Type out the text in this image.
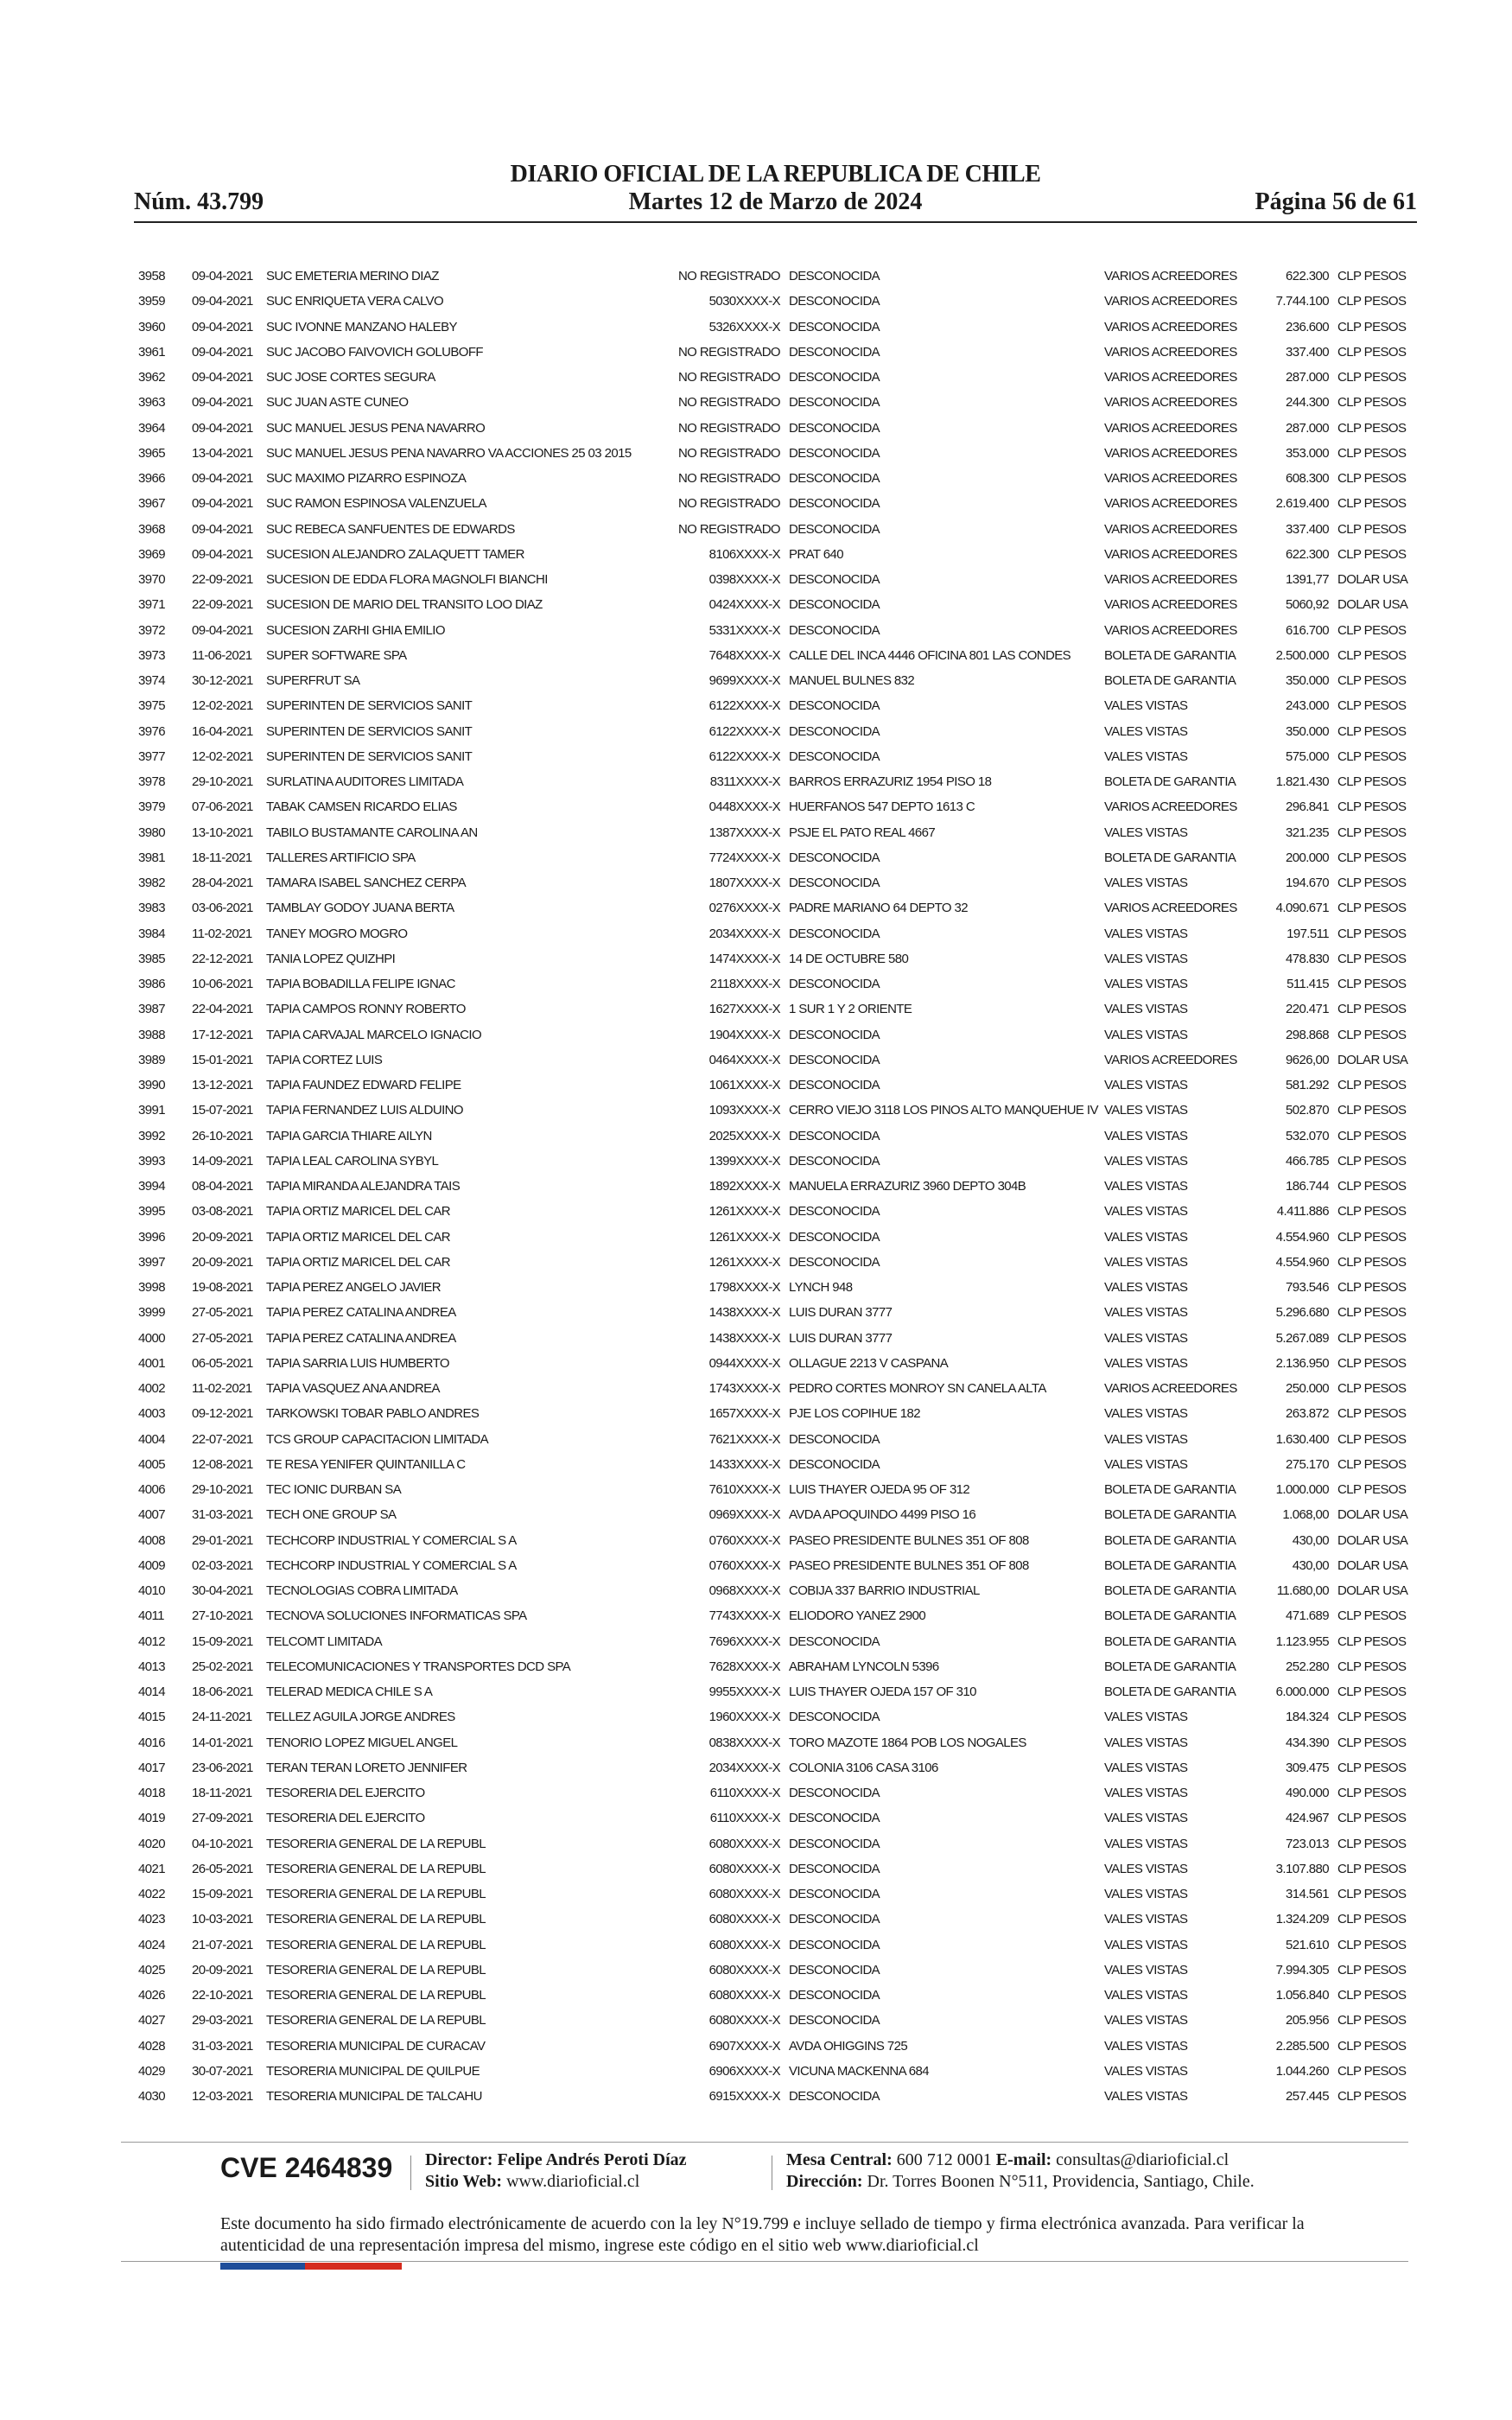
DIARIO OFICIAL DE LA REPUBLICA DE CHILE
Núm. 43.799	Martes 12 de Marzo de 2024	Página 56 de 61
3958	09-04-2021	SUC EMETERIA MERINO DIAZ	NO REGISTRADO	DESCONOCIDA	VARIOS ACREEDORES	622.300	CLP PESOS
3959	09-04-2021	SUC ENRIQUETA VERA CALVO	5030XXXX-X	DESCONOCIDA	VARIOS ACREEDORES	7.744.100	CLP PESOS
3960	09-04-2021	SUC IVONNE MANZANO HALEBY	5326XXXX-X	DESCONOCIDA	VARIOS ACREEDORES	236.600	CLP PESOS
3961	09-04-2021	SUC JACOBO FAIVOVICH GOLUBOFF	NO REGISTRADO	DESCONOCIDA	VARIOS ACREEDORES	337.400	CLP PESOS
3962	09-04-2021	SUC JOSE CORTES SEGURA	NO REGISTRADO	DESCONOCIDA	VARIOS ACREEDORES	287.000	CLP PESOS
3963	09-04-2021	SUC JUAN ASTE CUNEO	NO REGISTRADO	DESCONOCIDA	VARIOS ACREEDORES	244.300	CLP PESOS
3964	09-04-2021	SUC MANUEL JESUS PENA NAVARRO	NO REGISTRADO	DESCONOCIDA	VARIOS ACREEDORES	287.000	CLP PESOS
3965	13-04-2021	SUC MANUEL JESUS PENA NAVARRO VA ACCIONES 25 03 2015	NO REGISTRADO	DESCONOCIDA	VARIOS ACREEDORES	353.000	CLP PESOS
3966	09-04-2021	SUC MAXIMO PIZARRO ESPINOZA	NO REGISTRADO	DESCONOCIDA	VARIOS ACREEDORES	608.300	CLP PESOS
3967	09-04-2021	SUC RAMON ESPINOSA VALENZUELA	NO REGISTRADO	DESCONOCIDA	VARIOS ACREEDORES	2.619.400	CLP PESOS
3968	09-04-2021	SUC REBECA SANFUENTES DE EDWARDS	NO REGISTRADO	DESCONOCIDA	VARIOS ACREEDORES	337.400	CLP PESOS
3969	09-04-2021	SUCESION ALEJANDRO ZALAQUETT TAMER	8106XXXX-X	PRAT 640	VARIOS ACREEDORES	622.300	CLP PESOS
3970	22-09-2021	SUCESION DE EDDA FLORA MAGNOLFI BIANCHI	0398XXXX-X	DESCONOCIDA	VARIOS ACREEDORES	1391,77	DOLAR USA
3971	22-09-2021	SUCESION DE MARIO DEL TRANSITO LOO DIAZ	0424XXXX-X	DESCONOCIDA	VARIOS ACREEDORES	5060,92	DOLAR USA
3972	09-04-2021	SUCESION ZARHI GHIA EMILIO	5331XXXX-X	DESCONOCIDA	VARIOS ACREEDORES	616.700	CLP PESOS
3973	11-06-2021	SUPER SOFTWARE SPA	7648XXXX-X	CALLE DEL INCA 4446 OFICINA 801 LAS CONDES	BOLETA DE GARANTIA	2.500.000	CLP PESOS
3974	30-12-2021	SUPERFRUT SA	9699XXXX-X	MANUEL BULNES 832	BOLETA DE GARANTIA	350.000	CLP PESOS
3975	12-02-2021	SUPERINTEN DE SERVICIOS SANIT	6122XXXX-X	DESCONOCIDA	VALES VISTAS	243.000	CLP PESOS
3976	16-04-2021	SUPERINTEN DE SERVICIOS SANIT	6122XXXX-X	DESCONOCIDA	VALES VISTAS	350.000	CLP PESOS
3977	12-02-2021	SUPERINTEN DE SERVICIOS SANIT	6122XXXX-X	DESCONOCIDA	VALES VISTAS	575.000	CLP PESOS
3978	29-10-2021	SURLATINA AUDITORES LIMITADA	8311XXXX-X	BARROS ERRAZURIZ 1954 PISO 18	BOLETA DE GARANTIA	1.821.430	CLP PESOS
3979	07-06-2021	TABAK CAMSEN RICARDO ELIAS	0448XXXX-X	HUERFANOS 547 DEPTO 1613 C	VARIOS ACREEDORES	296.841	CLP PESOS
3980	13-10-2021	TABILO BUSTAMANTE CAROLINA AN	1387XXXX-X	PSJE EL PATO REAL 4667	VALES VISTAS	321.235	CLP PESOS
3981	18-11-2021	TALLERES ARTIFICIO SPA	7724XXXX-X	DESCONOCIDA	BOLETA DE GARANTIA	200.000	CLP PESOS
3982	28-04-2021	TAMARA ISABEL SANCHEZ CERPA	1807XXXX-X	DESCONOCIDA	VALES VISTAS	194.670	CLP PESOS
3983	03-06-2021	TAMBLAY GODOY JUANA BERTA	0276XXXX-X	PADRE MARIANO 64 DEPTO 32	VARIOS ACREEDORES	4.090.671	CLP PESOS
3984	11-02-2021	TANEY MOGRO MOGRO	2034XXXX-X	DESCONOCIDA	VALES VISTAS	197.511	CLP PESOS
3985	22-12-2021	TANIA LOPEZ QUIZHPI	1474XXXX-X	14 DE OCTUBRE 580	VALES VISTAS	478.830	CLP PESOS
3986	10-06-2021	TAPIA BOBADILLA FELIPE IGNAC	2118XXXX-X	DESCONOCIDA	VALES VISTAS	511.415	CLP PESOS
3987	22-04-2021	TAPIA CAMPOS RONNY ROBERTO	1627XXXX-X	1 SUR 1 Y 2 ORIENTE	VALES VISTAS	220.471	CLP PESOS
3988	17-12-2021	TAPIA CARVAJAL MARCELO IGNACIO	1904XXXX-X	DESCONOCIDA	VALES VISTAS	298.868	CLP PESOS
3989	15-01-2021	TAPIA CORTEZ LUIS	0464XXXX-X	DESCONOCIDA	VARIOS ACREEDORES	9626,00	DOLAR USA
3990	13-12-2021	TAPIA FAUNDEZ EDWARD FELIPE	1061XXXX-X	DESCONOCIDA	VALES VISTAS	581.292	CLP PESOS
3991	15-07-2021	TAPIA FERNANDEZ LUIS ALDUINO	1093XXXX-X	CERRO VIEJO 3118 LOS PINOS ALTO MANQUEHUE IV	VALES VISTAS	502.870	CLP PESOS
3992	26-10-2021	TAPIA GARCIA THIARE AILYN	2025XXXX-X	DESCONOCIDA	VALES VISTAS	532.070	CLP PESOS
3993	14-09-2021	TAPIA LEAL CAROLINA SYBYL	1399XXXX-X	DESCONOCIDA	VALES VISTAS	466.785	CLP PESOS
3994	08-04-2021	TAPIA MIRANDA ALEJANDRA TAIS	1892XXXX-X	MANUELA ERRAZURIZ 3960 DEPTO 304B	VALES VISTAS	186.744	CLP PESOS
3995	03-08-2021	TAPIA ORTIZ MARICEL DEL CAR	1261XXXX-X	DESCONOCIDA	VALES VISTAS	4.411.886	CLP PESOS
3996	20-09-2021	TAPIA ORTIZ MARICEL DEL CAR	1261XXXX-X	DESCONOCIDA	VALES VISTAS	4.554.960	CLP PESOS
3997	20-09-2021	TAPIA ORTIZ MARICEL DEL CAR	1261XXXX-X	DESCONOCIDA	VALES VISTAS	4.554.960	CLP PESOS
3998	19-08-2021	TAPIA PEREZ ANGELO JAVIER	1798XXXX-X	LYNCH 948	VALES VISTAS	793.546	CLP PESOS
3999	27-05-2021	TAPIA PEREZ CATALINA ANDREA	1438XXXX-X	LUIS DURAN 3777	VALES VISTAS	5.296.680	CLP PESOS
4000	27-05-2021	TAPIA PEREZ CATALINA ANDREA	1438XXXX-X	LUIS DURAN 3777	VALES VISTAS	5.267.089	CLP PESOS
4001	06-05-2021	TAPIA SARRIA LUIS HUMBERTO	0944XXXX-X	OLLAGUE 2213 V CASPANA	VALES VISTAS	2.136.950	CLP PESOS
4002	11-02-2021	TAPIA VASQUEZ ANA ANDREA	1743XXXX-X	PEDRO CORTES MONROY SN CANELA ALTA	VARIOS ACREEDORES	250.000	CLP PESOS
4003	09-12-2021	TARKOWSKI TOBAR PABLO ANDRES	1657XXXX-X	PJE LOS COPIHUE 182	VALES VISTAS	263.872	CLP PESOS
4004	22-07-2021	TCS GROUP CAPACITACION LIMITADA	7621XXXX-X	DESCONOCIDA	VALES VISTAS	1.630.400	CLP PESOS
4005	12-08-2021	TE RESA YENIFER QUINTANILLA C	1433XXXX-X	DESCONOCIDA	VALES VISTAS	275.170	CLP PESOS
4006	29-10-2021	TEC IONIC DURBAN SA	7610XXXX-X	LUIS THAYER OJEDA 95 OF 312	BOLETA DE GARANTIA	1.000.000	CLP PESOS
4007	31-03-2021	TECH ONE GROUP SA	0969XXXX-X	AVDA APOQUINDO 4499 PISO 16	BOLETA DE GARANTIA	1.068,00	DOLAR USA
4008	29-01-2021	TECHCORP INDUSTRIAL Y COMERCIAL S A	0760XXXX-X	PASEO PRESIDENTE BULNES 351 OF 808	BOLETA DE GARANTIA	430,00	DOLAR USA
4009	02-03-2021	TECHCORP INDUSTRIAL Y COMERCIAL S A	0760XXXX-X	PASEO PRESIDENTE BULNES 351 OF 808	BOLETA DE GARANTIA	430,00	DOLAR USA
4010	30-04-2021	TECNOLOGIAS COBRA LIMITADA	0968XXXX-X	COBIJA 337 BARRIO INDUSTRIAL	BOLETA DE GARANTIA	11.680,00	DOLAR USA
4011	27-10-2021	TECNOVA SOLUCIONES INFORMATICAS SPA	7743XXXX-X	ELIODORO YANEZ 2900	BOLETA DE GARANTIA	471.689	CLP PESOS
4012	15-09-2021	TELCOMT LIMITADA	7696XXXX-X	DESCONOCIDA	BOLETA DE GARANTIA	1.123.955	CLP PESOS
4013	25-02-2021	TELECOMUNICACIONES Y TRANSPORTES DCD SPA	7628XXXX-X	ABRAHAM LYNCOLN 5396	BOLETA DE GARANTIA	252.280	CLP PESOS
4014	18-06-2021	TELERAD MEDICA CHILE S A	9955XXXX-X	LUIS THAYER OJEDA 157 OF 310	BOLETA DE GARANTIA	6.000.000	CLP PESOS
4015	24-11-2021	TELLEZ AGUILA JORGE ANDRES	1960XXXX-X	DESCONOCIDA	VALES VISTAS	184.324	CLP PESOS
4016	14-01-2021	TENORIO LOPEZ MIGUEL ANGEL	0838XXXX-X	TORO MAZOTE 1864 POB LOS NOGALES	VALES VISTAS	434.390	CLP PESOS
4017	23-06-2021	TERAN TERAN LORETO JENNIFER	2034XXXX-X	COLONIA 3106 CASA 3106	VALES VISTAS	309.475	CLP PESOS
4018	18-11-2021	TESORERIA DEL EJERCITO	6110XXXX-X	DESCONOCIDA	VALES VISTAS	490.000	CLP PESOS
4019	27-09-2021	TESORERIA DEL EJERCITO	6110XXXX-X	DESCONOCIDA	VALES VISTAS	424.967	CLP PESOS
4020	04-10-2021	TESORERIA GENERAL DE LA REPUBL	6080XXXX-X	DESCONOCIDA	VALES VISTAS	723.013	CLP PESOS
4021	26-05-2021	TESORERIA GENERAL DE LA REPUBL	6080XXXX-X	DESCONOCIDA	VALES VISTAS	3.107.880	CLP PESOS
4022	15-09-2021	TESORERIA GENERAL DE LA REPUBL	6080XXXX-X	DESCONOCIDA	VALES VISTAS	314.561	CLP PESOS
4023	10-03-2021	TESORERIA GENERAL DE LA REPUBL	6080XXXX-X	DESCONOCIDA	VALES VISTAS	1.324.209	CLP PESOS
4024	21-07-2021	TESORERIA GENERAL DE LA REPUBL	6080XXXX-X	DESCONOCIDA	VALES VISTAS	521.610	CLP PESOS
4025	20-09-2021	TESORERIA GENERAL DE LA REPUBL	6080XXXX-X	DESCONOCIDA	VALES VISTAS	7.994.305	CLP PESOS
4026	22-10-2021	TESORERIA GENERAL DE LA REPUBL	6080XXXX-X	DESCONOCIDA	VALES VISTAS	1.056.840	CLP PESOS
4027	29-03-2021	TESORERIA GENERAL DE LA REPUBL	6080XXXX-X	DESCONOCIDA	VALES VISTAS	205.956	CLP PESOS
4028	31-03-2021	TESORERIA MUNICIPAL DE CURACAV	6907XXXX-X	AVDA OHIGGINS 725	VALES VISTAS	2.285.500	CLP PESOS
4029	30-07-2021	TESORERIA MUNICIPAL DE QUILPUE	6906XXXX-X	VICUNA MACKENNA 684	VALES VISTAS	1.044.260	CLP PESOS
4030	12-03-2021	TESORERIA MUNICIPAL DE TALCAHU	6915XXXX-X	DESCONOCIDA	VALES VISTAS	257.445	CLP PESOS
CVE 2464839 Director: Felipe Andrés Peroti Díaz
Sitio Web: www.diarioficial.cl
Mesa Central: 600 712 0001 E-mail: consultas@diarioficial.cl
Dirección: Dr. Torres Boonen N°511, Providencia, Santiago, Chile.
Este documento ha sido firmado electrónicamente de acuerdo con la ley N°19.799 e incluye sellado de tiempo y firma electrónica avanzada. Para verificar la autenticidad de una representación impresa del mismo, ingrese este código en el sitio web www.diarioficial.cl
